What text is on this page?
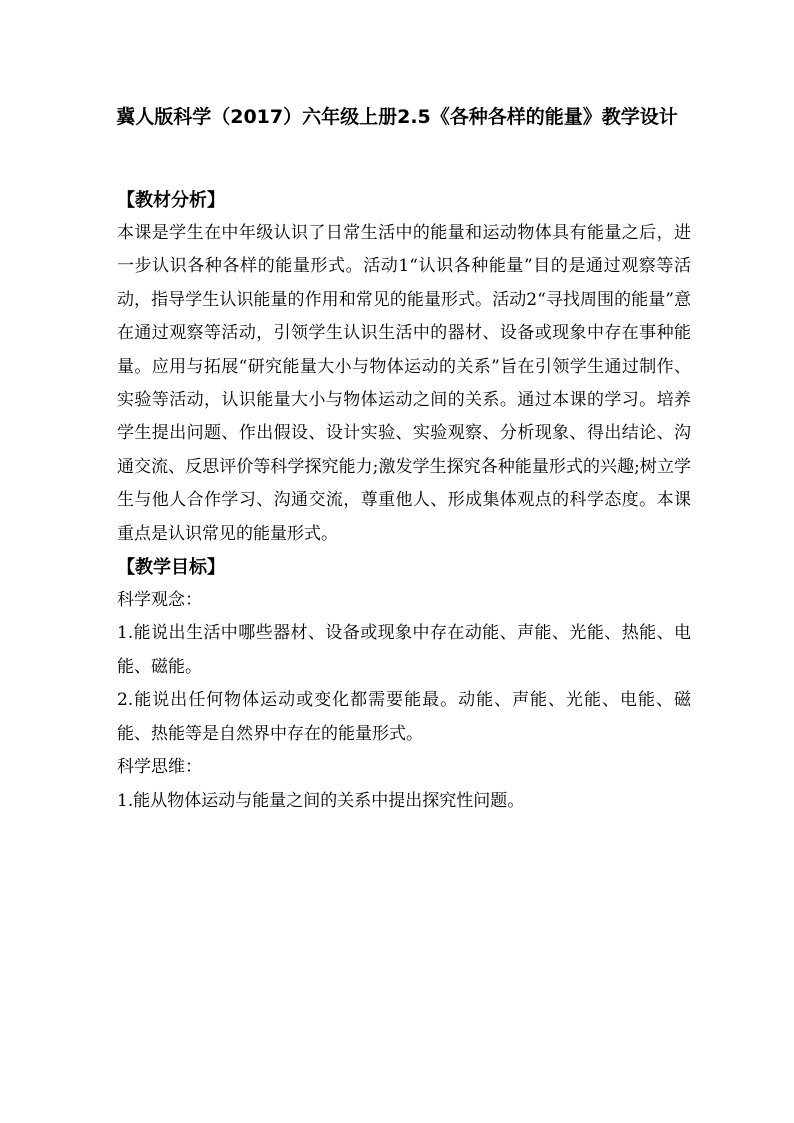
冀人版科学（2017）六年级上册2.5《各种各样的能量》教学设计

【教材分析】

本课是学生在中年级认识了日常生活中的能量和运动物体具有能量之后，进一步认识各种各样的能量形式。活动1“认识各种能量”目的是通过观察等活动，指导学生认识能量的作用和常见的能量形式。活动2“寻找周围的能量”意在通过观察等活动，引领学生认识生活中的器材、设备或现象中存在事种能量。应用与拓展“研究能量大小与物体运动的关系”旨在引领学生通过制作、实验等活动，认识能量大小与物体运动之间的关系。通过本课的学习。培养学生提出问题、作出假设、设计实验、实验观察、分析现象、得出结论、沟通交流、反思评价等科学探究能力;激发学生探究各种能量形式的兴趣;树立学生与他人合作学习、沟通交流，尊重他人、形成集体观点的科学态度。本课重点是认识常见的能量形式。

【教学目标】

科学观念：

1.能说出生活中哪些器材、设备或现象中存在动能、声能、光能、热能、电能、磁能。

2.能说出任何物体运动或变化都需要能最。动能、声能、光能、电能、磁能、热能等是自然界中存在的能量形式。

科学思维：

1.能从物体运动与能量之间的关系中提出探究性问题。
